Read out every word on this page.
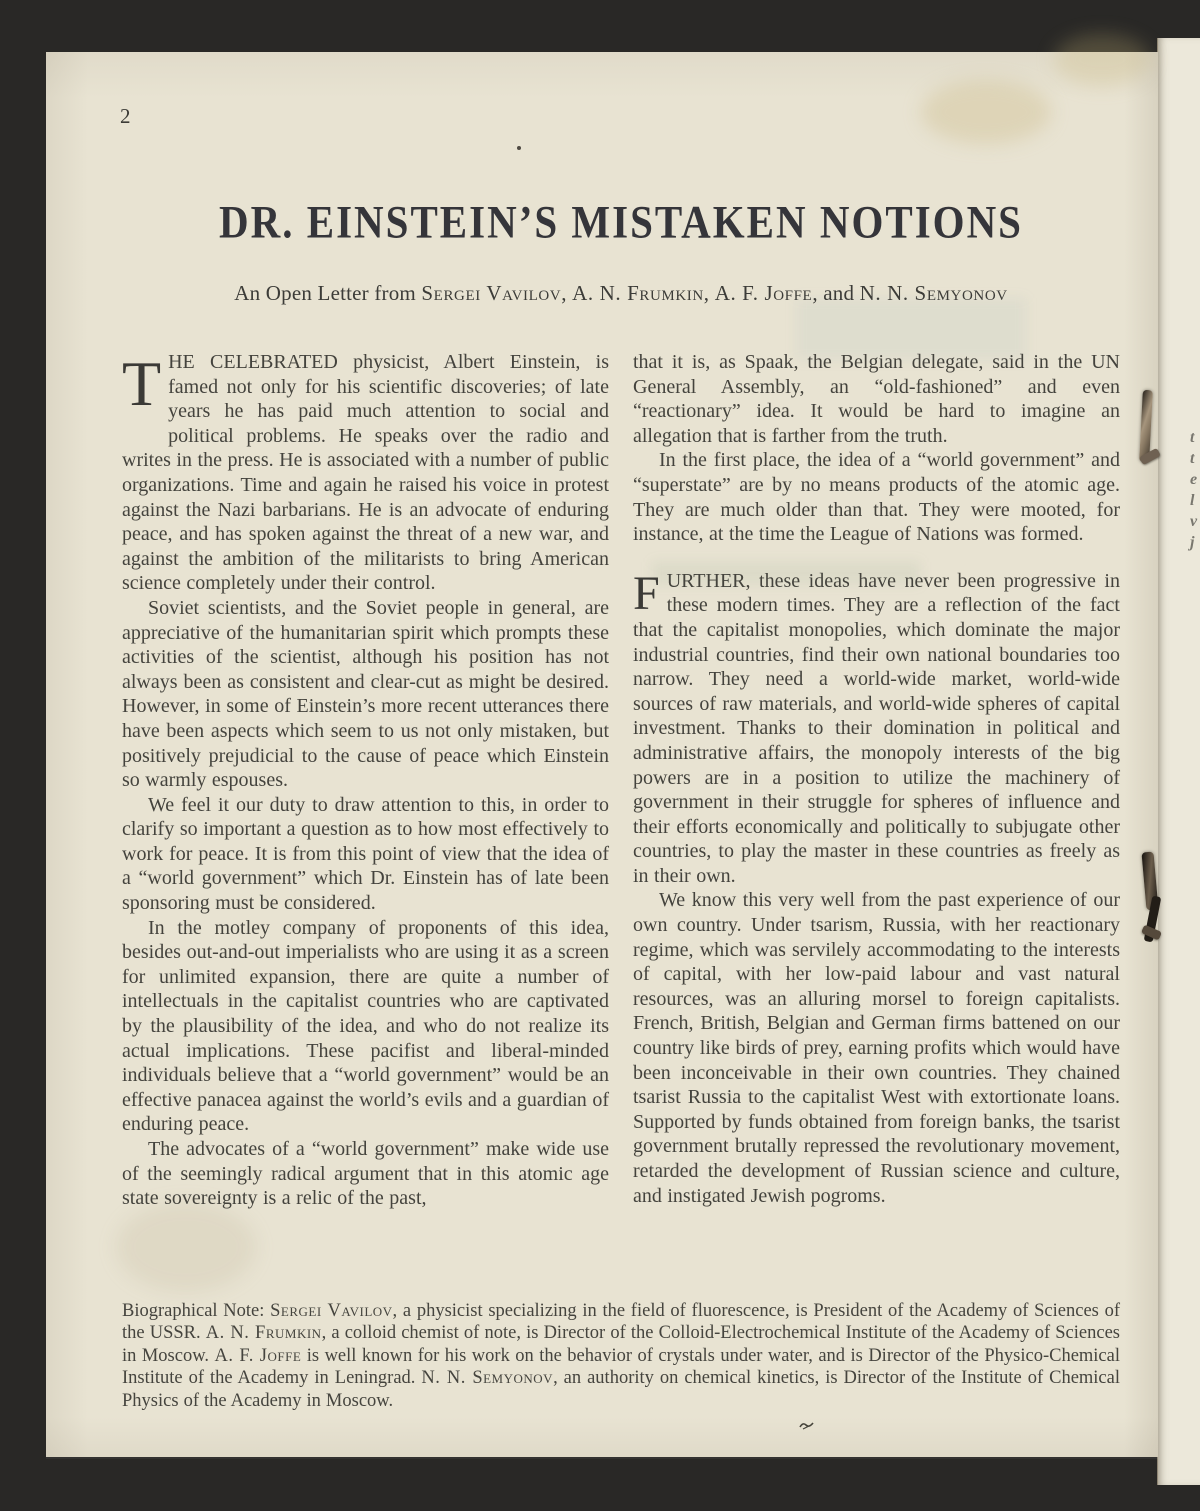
t
t
e
l
v
j
2
DR. EINSTEIN’S MISTAKEN NOTIONS
An Open Letter from Sergei Vavilov, A. N. Frumkin, A. F. Joffe, and N. N. Semyonov

THE CELEBRATED physicist, Albert Einstein, is famed not only for his scientific discoveries; of late years he has paid much attention to social and political problems. He speaks over the radio and writes in the press. He is associated with a number of public organizations. Time and again he raised his voice in protest against the Nazi barbarians. He is an advocate of enduring peace, and has spoken against the threat of a new war, and against the ambition of the militarists to bring American science completely under their control.

Soviet scientists, and the Soviet people in general, are appreciative of the humanitarian spirit which prompts these activities of the scientist, although his position has not always been as consistent and clear-cut as might be desired. However, in some of Einstein’s more recent utterances there have been aspects which seem to us not only mistaken, but positively prejudicial to the cause of peace which Einstein so warmly espouses.

We feel it our duty to draw attention to this, in order to clarify so important a question as to how most effectively to work for peace. It is from this point of view that the idea of a “world government” which Dr. Einstein has of late been sponsoring must be considered.

In the motley company of proponents of this idea, besides out-and-out imperialists who are using it as a screen for unlimited expansion, there are quite a number of intellectuals in the capitalist countries who are captivated by the plausibility of the idea, and who do not realize its actual implications. These pacifist and liberal-minded individuals believe that a “world government” would be an effective panacea against the world’s evils and a guardian of enduring peace.

The advocates of a “world government” make wide use of the seemingly radical argument that in this atomic age state sovereignty is a relic of the past,

that it is, as Spaak, the Belgian delegate, said in the UN General Assembly, an “old-fashioned” and even “reactionary” idea. It would be hard to imagine an allegation that is farther from the truth.

In the first place, the idea of a “world government” and “superstate” are by no means products of the atomic age. They are much older than that. They were mooted, for instance, at the time the League of Nations was formed.

FURTHER, these ideas have never been progressive in these modern times. They are a reflection of the fact that the capitalist monopolies, which dominate the major industrial countries, find their own national boundaries too narrow. They need a world-wide market, world-wide sources of raw materials, and world-wide spheres of capital investment. Thanks to their domination in political and administrative affairs, the monopoly interests of the big powers are in a position to utilize the machinery of government in their struggle for spheres of influence and their efforts economically and politically to subjugate other countries, to play the master in these countries as freely as in their own.

We know this very well from the past experience of our own country. Under tsarism, Russia, with her reactionary regime, which was servilely accommodating to the interests of capital, with her low-paid labour and vast natural resources, was an alluring morsel to foreign capitalists. French, British, Belgian and German firms battened on our country like birds of prey, earning profits which would have been inconceivable in their own countries. They chained tsarist Russia to the capitalist West with extortionate loans. Supported by funds obtained from foreign banks, the tsarist government brutally repressed the revolutionary movement, retarded the development of Russian science and culture, and instigated Jewish pogroms.

Biographical Note: Sergei Vavilov, a physicist specializing in the field of fluorescence, is President of the Academy of Sciences of the USSR. A. N. Frumkin, a colloid chemist of note, is Director of the Colloid-Electrochemical Institute of the Academy of Sciences in Moscow. A. F. Joffe is well known for his work on the behavior of crystals under water, and is Director of the Physico-Chemical Institute of the Academy in Leningrad. N. N. Semyonov, an authority on chemical kinetics, is Director of the Institute of Chemical Physics of the Academy in Moscow.
